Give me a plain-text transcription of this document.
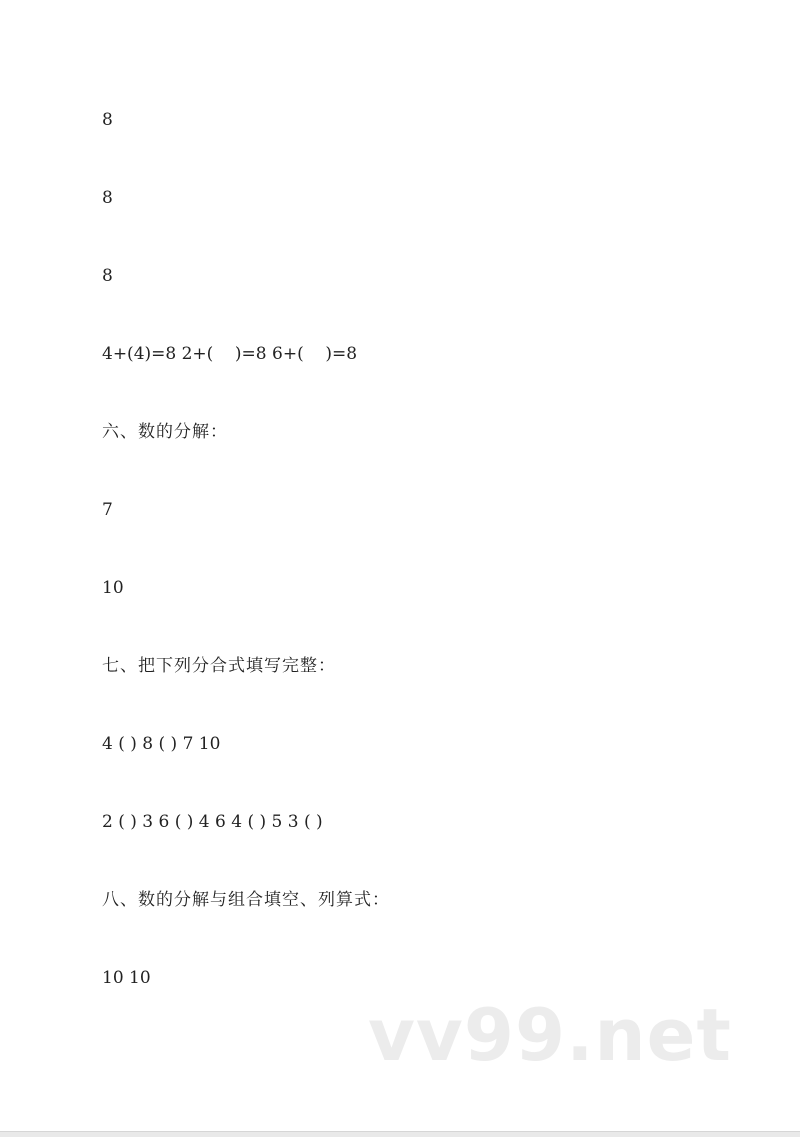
8
8
8
4+(4)=8 2+(    )=8 6+(    )=8
六、数的分解：
7
10
七、把下列分合式填写完整：
4 ( ) 8 ( ) 7 10
2 ( ) 3 6 ( ) 4 6 4 ( ) 5 3 ( )
八、数的分解与组合填空、列算式：
10 10
vv99.net
